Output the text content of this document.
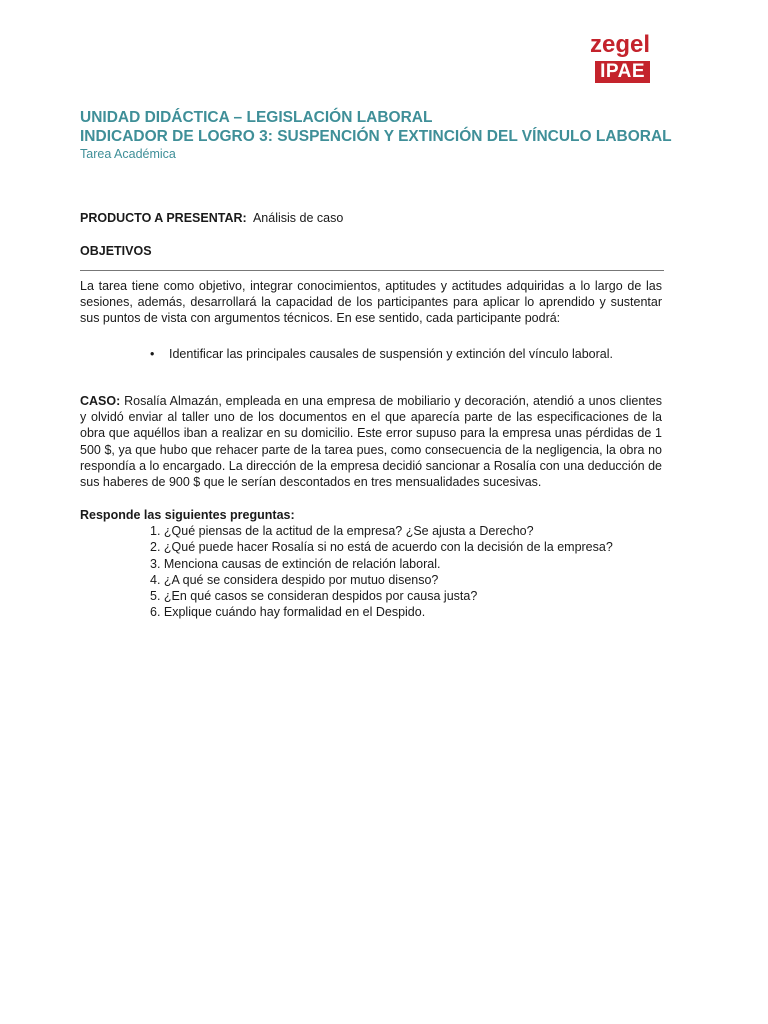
zegel
IPAE

UNIDAD DIDÁCTICA – LEGISLACIÓN LABORAL

INDICADOR DE LOGRO 3: SUSPENCIÓN Y EXTINCIÓN DEL VÍNCULO LABORAL

Tarea Académica

PRODUCTO A PRESENTAR: Análisis de caso
OBJETIVOS
La tarea tiene como objetivo, integrar conocimientos, aptitudes y actitudes adquiridas a lo largo de las sesiones, además, desarrollará la capacidad de los participantes para aplicar lo aprendido y sustentar sus puntos de vista con argumentos técnicos. En ese sentido, cada participante podrá:
• Identificar las principales causales de suspensión y extinción del vínculo laboral.
CASO: Rosalía Almazán, empleada en una empresa de mobiliario y decoración, atendió a unos clientes y olvidó enviar al taller uno de los documentos en el que aparecía parte de las especificaciones de la obra que aquéllos iban a realizar en su domicilio. Este error supuso para la empresa unas pérdidas de 1 500 $, ya que hubo que rehacer parte de la tarea pues, como consecuencia de la negligencia, la obra no respondía a lo encargado. La dirección de la empresa decidió sancionar a Rosalía con una deducción de sus haberes de 900 $ que le serían descontados en tres mensualidades sucesivas.
Responde las siguientes preguntas:
1. ¿Qué piensas de la actitud de la empresa? ¿Se ajusta a Derecho?
2. ¿Qué puede hacer Rosalía si no está de acuerdo con la decisión de la empresa?
3. Menciona causas de extinción de relación laboral.
4. ¿A qué se considera despido por mutuo disenso?
5. ¿En qué casos se consideran despidos por causa justa?
6. Explique cuándo hay formalidad en el Despido.
